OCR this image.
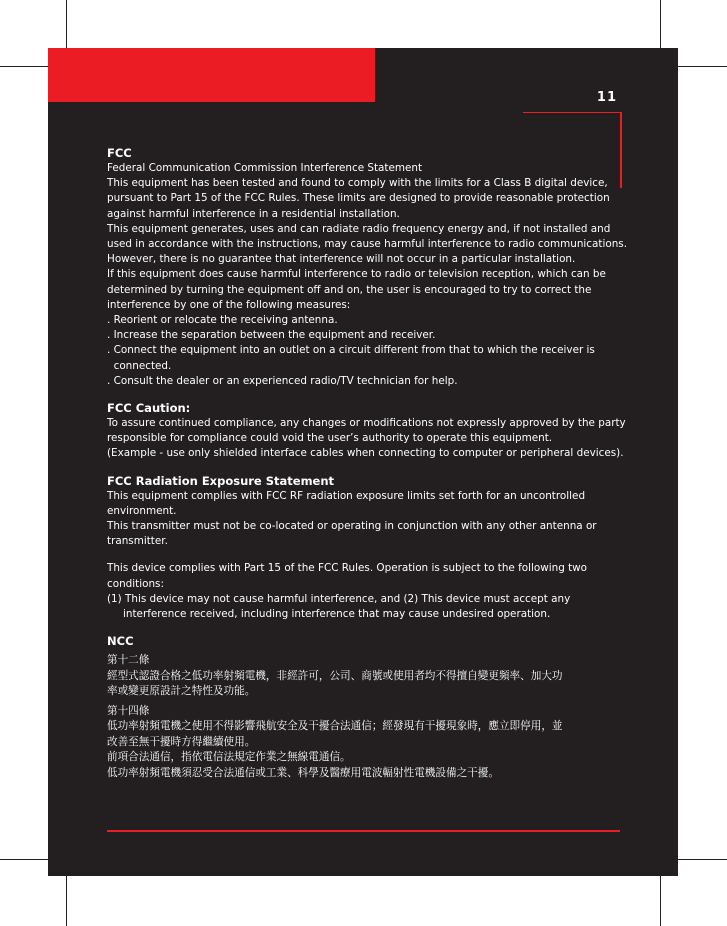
11
FCC
Federal Communication Commission Interference Statement
This equipment has been tested and found to comply with the limits for a Class B digital device,
pursuant to Part 15 of the FCC Rules. These limits are designed to provide reasonable protection
against harmful interference in a residential installation.
This equipment generates, uses and can radiate radio frequency energy and, if not installed and
used in accordance with the instructions, may cause harmful interference to radio communications.
However, there is no guarantee that interference will not occur in a particular installation.
If this equipment does cause harmful interference to radio or television reception, which can be
determined by turning the equipment off and on, the user is encouraged to try to correct the
interference by one of the following measures:
. Reorient or relocate the receiving antenna.
. Increase the separation between the equipment and receiver.
. Connect the equipment into an outlet on a circuit different from that to which the receiver is
connected.
. Consult the dealer or an experienced radio/TV technician for help.
FCC Caution:
To assure continued compliance, any changes or modifications not expressly approved by the party
responsible for compliance could void the user’s authority to operate this equipment.
(Example - use only shielded interface cables when connecting to computer or peripheral devices).
FCC Radiation Exposure Statement
This equipment complies with FCC RF radiation exposure limits set forth for an uncontrolled
environment.
This transmitter must not be co-located or operating in conjunction with any other antenna or
transmitter.
This device complies with Part 15 of the FCC Rules. Operation is subject to the following two
conditions:
(1) This device may not cause harmful interference, and (2) This device must accept any
interference received, including interference that may cause undesired operation.
NCC
第十二條
經型式認證合格之低功率射頻電機，非經許可，公司、商號或使用者均不得擅自變更頻率、加大功
率或變更原設計之特性及功能。
第十四條
低功率射頻電機之使用不得影響飛航安全及干擾合法通信；經發現有干擾現象時，應立即停用，並
改善至無干擾時方得繼續使用。
前項合法通信，指依電信法規定作業之無線電通信。
低功率射頻電機須忍受合法通信或工業、科學及醫療用電波輻射性電機設備之干擾。
